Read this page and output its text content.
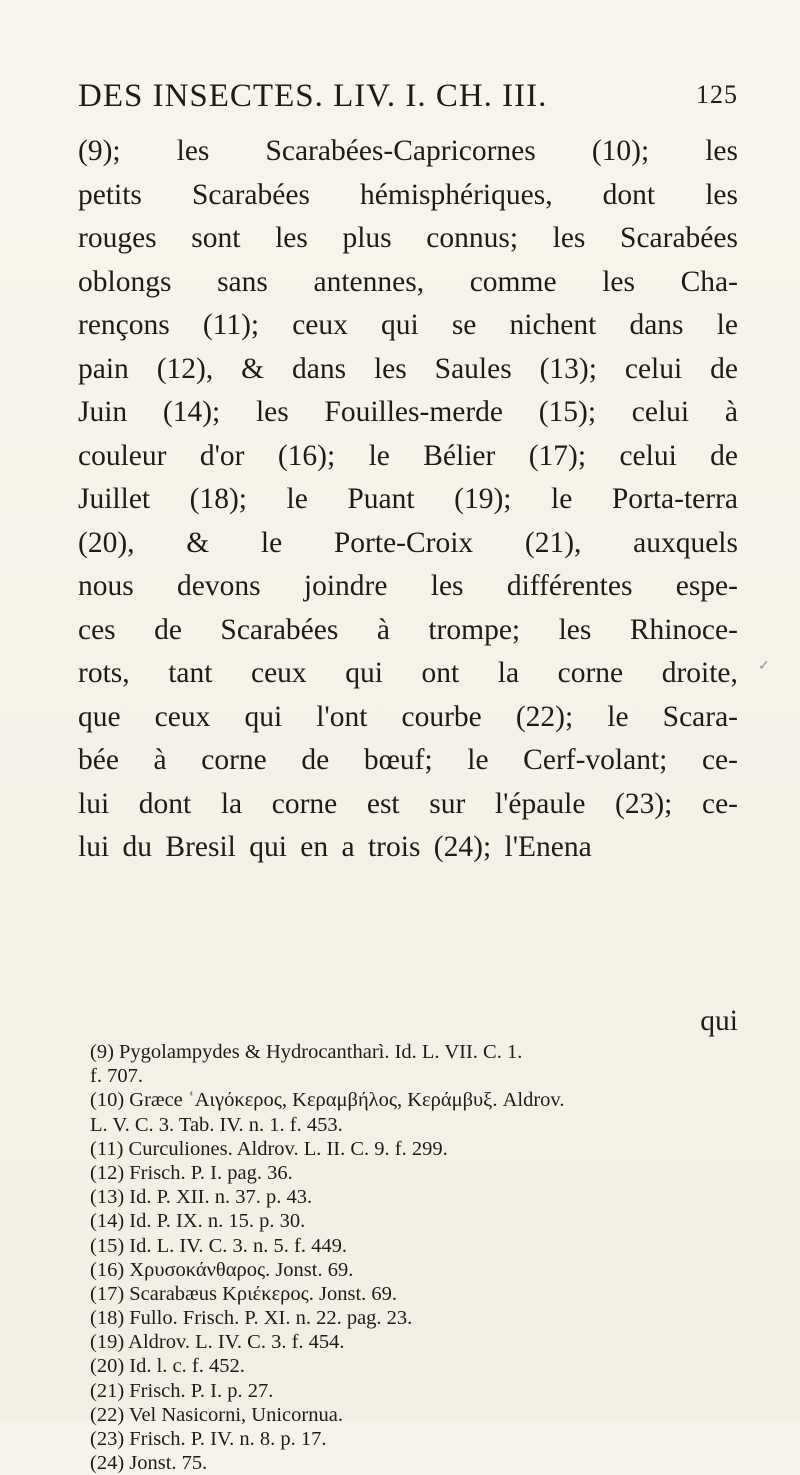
DES INSECTES. LIV. I. CH. III.	125
(9); les Scarabées-Capricornes (10); les
petits Scarabées hémisphériques, dont les
rouges sont les plus connus; les Scarabées
oblongs sans antennes, comme les Cha-
rençons (11); ceux qui se nichent dans le
pain (12), & dans les Saules (13); celui de
Juin (14); les Fouilles-merde (15); celui à
couleur d'or (16); le Bélier (17); celui de
Juillet (18); le Puant (19); le Porta-terra
(20), & le Porte-Croix (21), auxquels
nous devons joindre les différentes espe-
ces de Scarabées à trompe; les Rhinoce-
rots, tant ceux qui ont la corne droite,
que ceux qui l'ont courbe (22); le Scara-
bée à corne de bœuf; le Cerf-volant; ce-
lui dont la corne est sur l'épaule (23); ce-
lui du Bresil qui en a trois (24); l'Enena
qui
✓
(9) Pygolampydes & Hydrocantharì. Id. L. VII. C. 1.
f. 707.
(10) Græce ʿΑιγόκερος, Κεραμβήλος, Κεράμβυξ. Aldrov.
L. V. C. 3. Tab. IV. n. 1. f. 453.
(11) Curculiones. Aldrov. L. II. C. 9. f. 299.
(12) Frisch. P. I. pag. 36.
(13) Id. P. XII. n. 37. p. 43.
(14) Id. P. IX. n. 15. p. 30.
(15) Id. L. IV. C. 3. n. 5. f. 449.
(16) Χρυσοκάνθαρος. Jonst. 69.
(17) Scarabæus Κριέκερος. Jonst. 69.
(18) Fullo. Frisch. P. XI. n. 22. pag. 23.
(19) Aldrov. L. IV. C. 3. f. 454.
(20) Id. l. c. f. 452.
(21) Frisch. P. I. p. 27.
(22) Vel Nasicorni, Unicornua.
(23) Frisch. P. IV. n. 8. p. 17.
(24) Jonst. 75.
